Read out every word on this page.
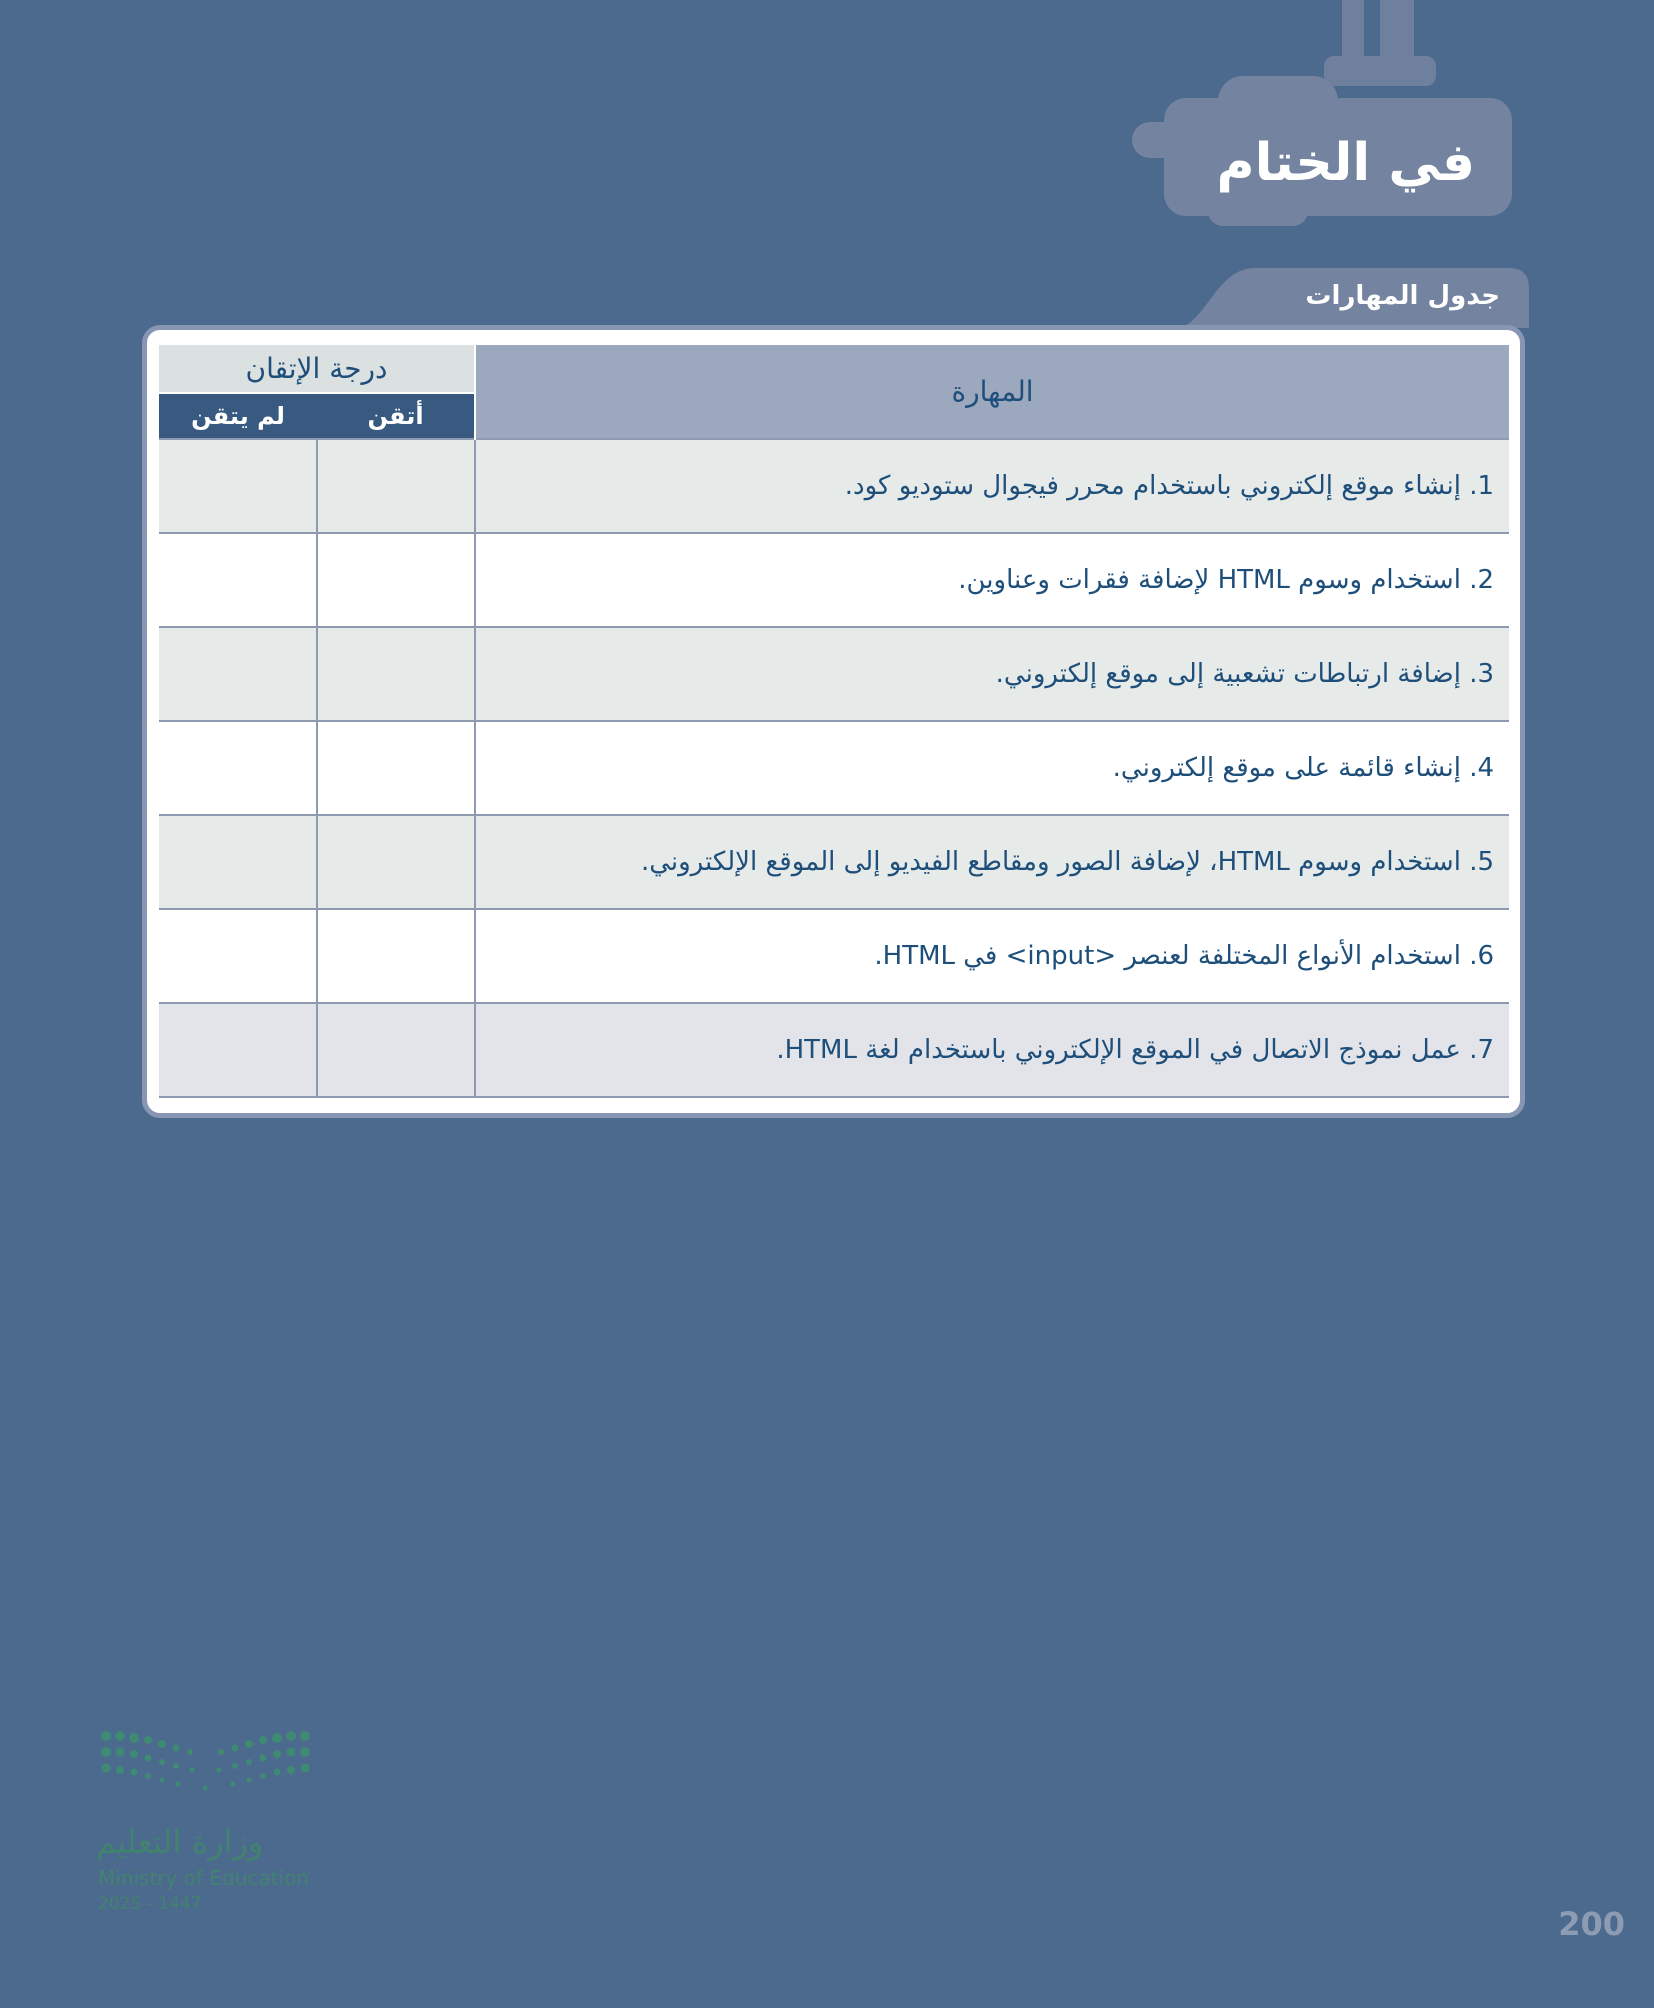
في الختام
جدول المهارات
درجة الإتقان		المهارة
لم يتقن	أتقن	
		1. إنشاء موقع إلكتروني باستخدام محرر فيجوال ستوديو كود.
		2. استخدام وسوم HTML لإضافة فقرات وعناوين.
		3. إضافة ارتباطات تشعبية إلى موقع إلكتروني.
		4. إنشاء قائمة على موقع إلكتروني.
		5. استخدام وسوم HTML، لإضافة الصور ومقاطع الفيديو إلى الموقع الإلكتروني.
		6. استخدام الأنواع المختلفة لعنصر <input> في HTML.
		7. عمل نموذج الاتصال في الموقع الإلكتروني باستخدام لغة HTML.
وزارة التعليم
Ministry of Education
2025 - 1447
200
